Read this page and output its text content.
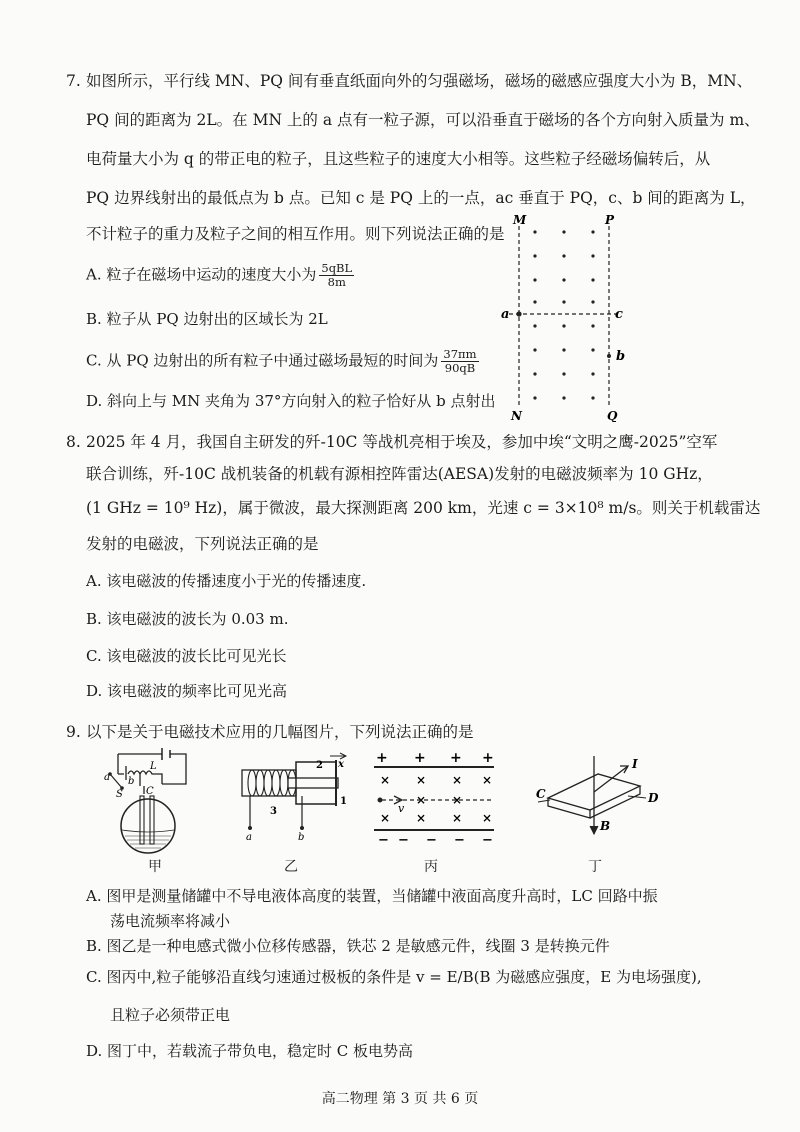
7. 如图所示，平行线 MN、PQ 间有垂直纸面向外的匀强磁场，磁场的磁感应强度大小为 B，MN、
PQ 间的距离为 2L。在 MN 上的 a 点有一粒子源，可以沿垂直于磁场的各个方向射入质量为 m、
电荷量大小为 q 的带正电的粒子，且这些粒子的速度大小相等。这些粒子经磁场偏转后，从
PQ 边界线射出的最低点为 b 点。已知 c 是 PQ 上的一点，ac 垂直于 PQ，c、b 间的距离为 L，
不计粒子的重力及粒子之间的相互作用。则下列说法正确的是
A. 粒子在磁场中运动的速度大小为 $\frac{\text{5qBL}}{8m}$
B. 粒子从 PQ 边射出的区域长为 2L
C. 从 PQ 边射出的所有粒子中通过磁场最短的时间为 $\frac{37\pi m}{90qB}$
D. 斜向上与 MN 夹角为 37°方向射入的粒子恰好从 b 点射出
M	P
a	c
b
N	Q
8. 2025 年 4 月，我国自主研发的歼-10C 等战机亮相于埃及，参加中埃“文明之鹰-2025”空军
联合训练，歼-10C 战机装备的机载有源相控阵雷达(AESA)发射的电磁波频率为 10 GHz，
(1 GHz = 10⁹ Hz)，属于微波，最大探测距离 200 km，光速 c = 3×10⁸ m/s。则关于机载雷达
发射的电磁波，下列说法正确的是
A. 该电磁波的传播速度小于光的传播速度.
B. 该电磁波的波长为 0.03 m.
C. 该电磁波的波长比可见光长
D. 该电磁波的频率比可见光高
9. 以下是关于电磁技术应用的几幅图片，下列说法正确的是
a b
L
S C
甲
2
3
1
x
a	b
乙
+ + + +
× × × ×
× ×
× × × ×
v
− − − − −
丙
I
C	D
B
丁
A. 图甲是测量储罐中不导电液体高度的装置，当储罐中液面高度升高时，LC 回路中振
荡电流频率将减小
B. 图乙是一种电感式微小位移传感器，铁芯 2 是敏感元件，线圈 3 是转换元件
C. 图丙中,粒子能够沿直线匀速通过极板的条件是 v = E/B(B 为磁感应强度，E 为电场强度),
且粒子必须带正电
D. 图丁中，若载流子带负电，稳定时 C 板电势高
高二物理 第 3 页 共 6 页
